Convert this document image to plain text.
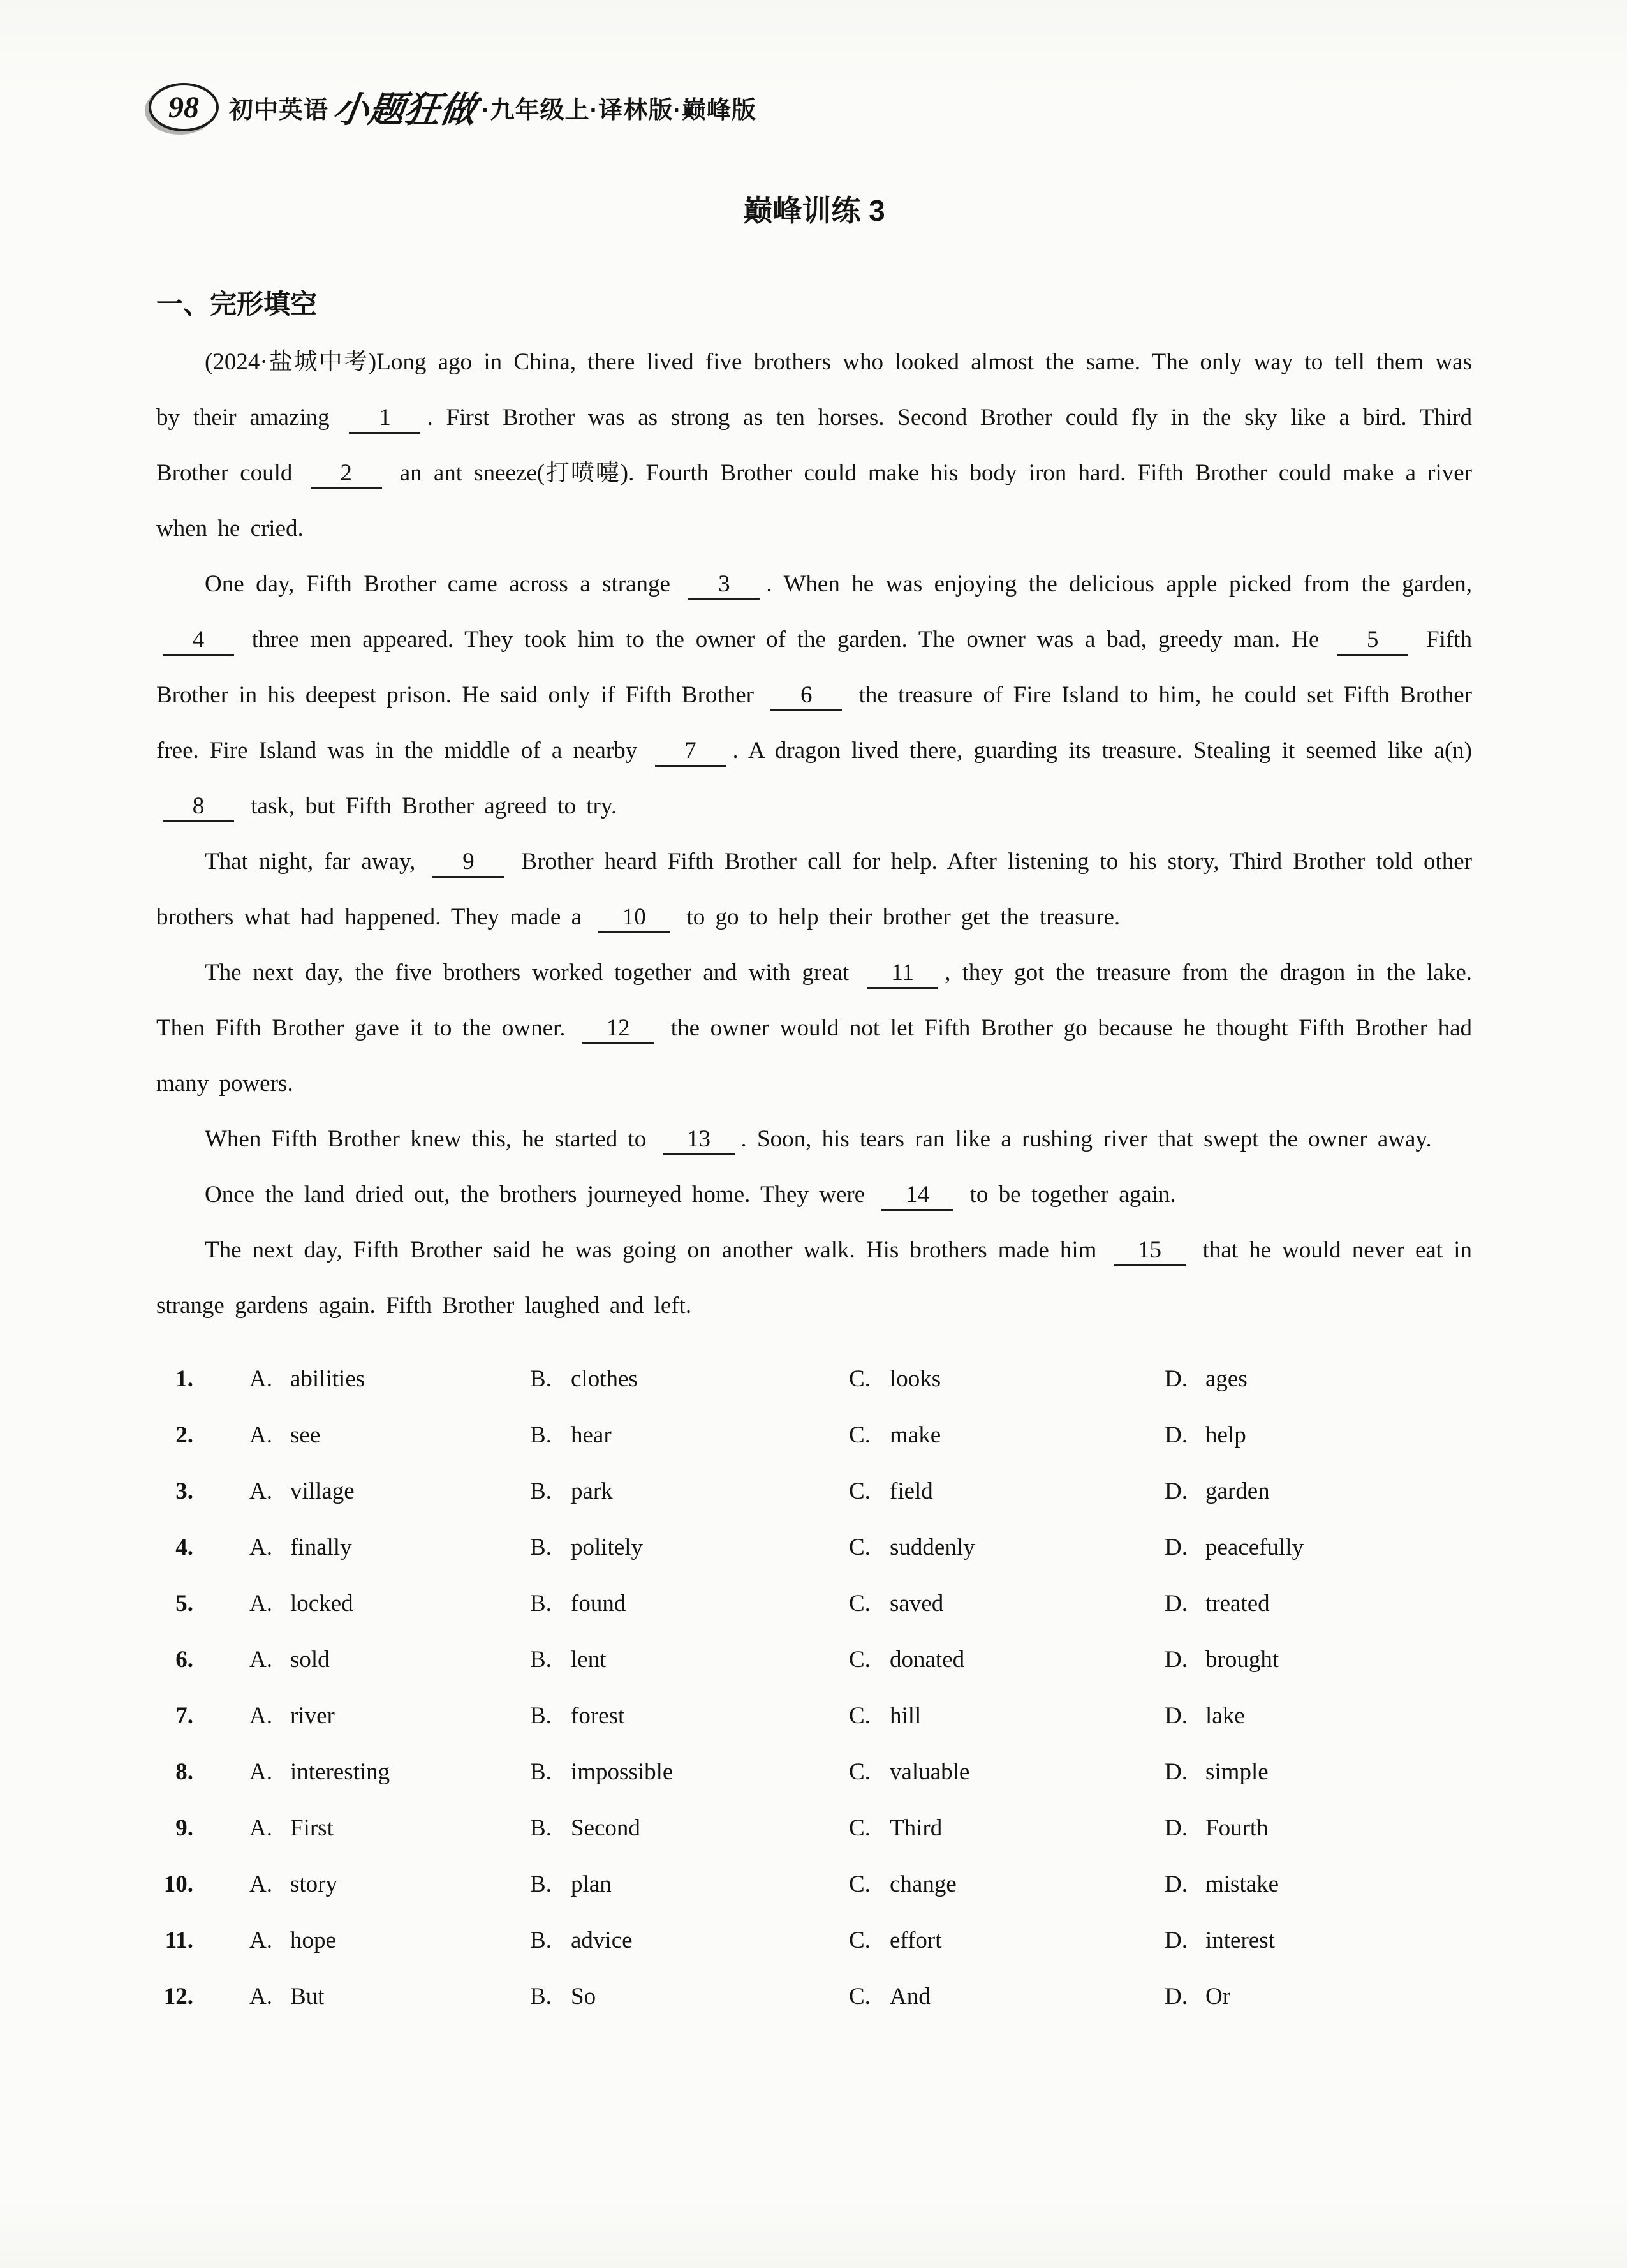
98	初中英语 小题狂做 ·九年级上·译林版·巅峰版
巅峰训练 3
一、完形填空

(2024·盐城中考)Long ago in China, there lived five brothers who looked almost the same. The only way to tell them was by their amazing 1 . First Brother was as strong as ten horses. Second Brother could fly in the sky like a bird. Third Brother could 2 an ant sneeze(打喷嚏). Fourth Brother could make his body iron hard. Fifth Brother could make a river when he cried.

One day, Fifth Brother came across a strange 3 . When he was enjoying the delicious apple picked from the garden, 4 three men appeared. They took him to the owner of the garden. The owner was a bad, greedy man. He 5 Fifth Brother in his deepest prison. He said only if Fifth Brother 6 the treasure of Fire Island to him, he could set Fifth Brother free. Fire Island was in the middle of a nearby 7 . A dragon lived there, guarding its treasure. Stealing it seemed like a(n) 8 task, but Fifth Brother agreed to try.

That night, far away, 9 Brother heard Fifth Brother call for help. After listening to his story, Third Brother told other brothers what had happened. They made a 10 to go to help their brother get the treasure.

The next day, the five brothers worked together and with great 11 , they got the treasure from the dragon in the lake. Then Fifth Brother gave it to the owner. 12 the owner would not let Fifth Brother go because he thought Fifth Brother had many powers.

When Fifth Brother knew this, he started to 13 . Soon, his tears ran like a rushing river that swept the owner away.

Once the land dried out, the brothers journeyed home. They were 14 to be together again.

The next day, Fifth Brother said he was going on another walk. His brothers made him 15 that he would never eat in strange gardens again. Fifth Brother laughed and left.

1. A. abilities	B. clothes	C. looks	D. ages
2. A. see	B. hear	C. make	D. help
3. A. village	B. park	C. field	D. garden
4. A. finally	B. politely	C. suddenly	D. peacefully
5. A. locked	B. found	C. saved	D. treated
6. A. sold	B. lent	C. donated	D. brought
7. A. river	B. forest	C. hill	D. lake
8. A. interesting	B. impossible	C. valuable	D. simple
9. A. First	B. Second	C. Third	D. Fourth
10. A. story	B. plan	C. change	D. mistake
11. A. hope	B. advice	C. effort	D. interest
12. A. But	B. So	C. And	D. Or
